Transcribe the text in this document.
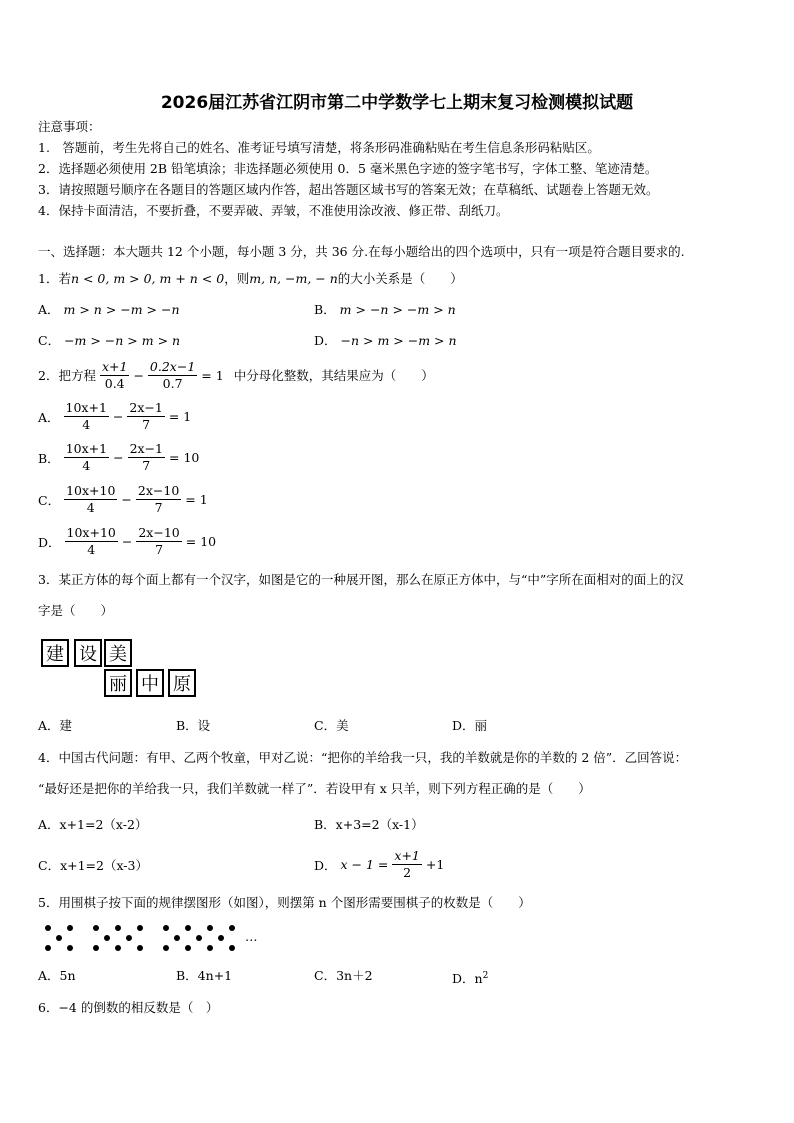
2026届江苏省江阴市第二中学数学七上期末复习检测模拟试题
注意事项：
1.　答题前，考生先将自己的姓名、准考证号填写清楚，将条形码准确粘贴在考生信息条形码粘贴区。
2．选择题必须使用 2B 铅笔填涂；非选择题必须使用 0．5 毫米黑色字迹的签字笔书写，字体工整、笔迹清楚。
3．请按照题号顺序在各题目的答题区域内作答，超出答题区域书写的答案无效；在草稿纸、试题卷上答题无效。
4．保持卡面清洁，不要折叠，不要弄破、弄皱，不准使用涂改液、修正带、刮纸刀。
一、选择题：本大题共 12 个小题，每小题 3 分，共 36 分.在每小题给出的四个选项中，只有一项是符合题目要求的.
1．若 n < 0, m > 0, m + n < 0 ，则 m, n, −m, − n 的大小关系是（　　）
A． m > n > −m > −n	B． m > −n > −m > n
C． −m > −n > m > n	D． −n > m > −m > n
2．把方程 $\frac{x+1}{0.4} - \frac{0.2x-1}{0.7} = 1$ 中分母化整数，其结果应为（　　）
A． $\frac{10x+1}{4} - \frac{2x-1}{7} = 1$
B． $\frac{10x+1}{4} - \frac{2x-1}{7} = 10$
C． $\frac{10x+10}{4} - \frac{2x-10}{7} = 1$
D． $\frac{10x+10}{4} - \frac{2x-10}{7} = 10$
3．某正方体的每个面上都有一个汉字，如图是它的一种展开图，那么在原正方体中，与“中”字所在面相对的面上的汉
字是（　　）
建 设 美
丽 中 原
A．建	B．设	C．美	D．丽
4．中国古代问题：有甲、乙两个牧童，甲对乙说：“把你的羊给我一只，我的羊数就是你的羊数的 2 倍”．乙回答说：
“最好还是把你的羊给我一只，我们羊数就一样了”．若设甲有 x 只羊，则下列方程正确的是（　　）
A．x+1=2（x-2）	B．x+3=2（x-1）
C．x+1=2（x-3）	D． $x - 1 = \frac{x+1}{2} +1$
5．用围棋子按下面的规律摆图形（如图），则摆第 n 个图形需要围棋子的枚数是（　　）
…
A．5n	B．4n+1	C．3n＋2	D．$n^2$
6．−4 的倒数的相反数是（　）
